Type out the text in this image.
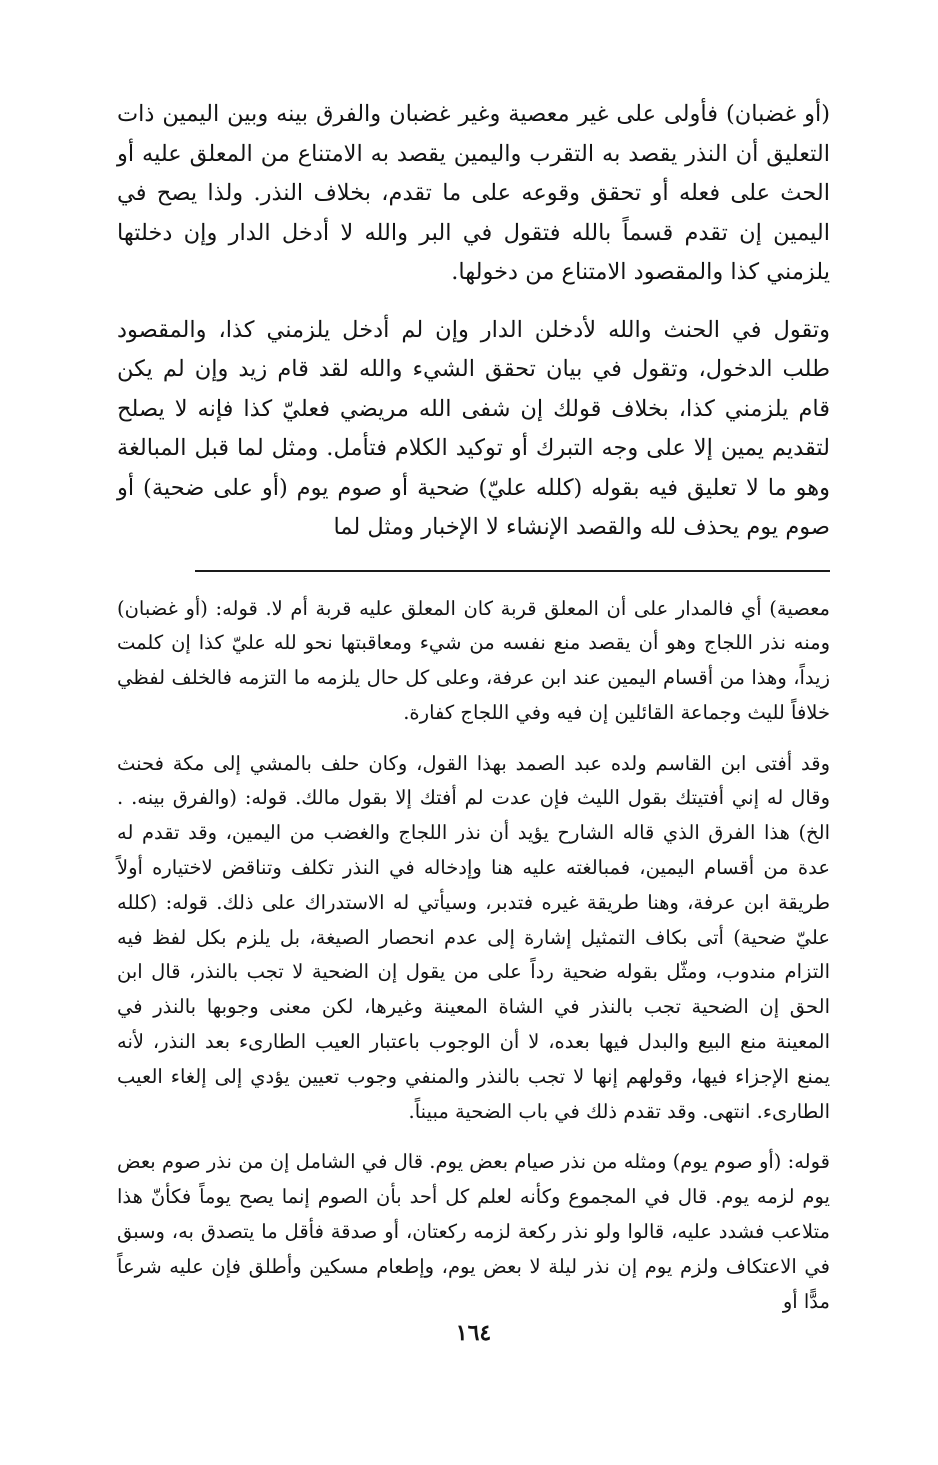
(أو غضبان) فأولى على غير معصية وغير غضبان والفرق بينه وبين اليمين ذات التعليق أن النذر يقصد به التقرب واليمين يقصد به الامتناع من المعلق عليه أو الحث على فعله أو تحقق وقوعه على ما تقدم، بخلاف النذر. ولذا يصح في اليمين إن تقدم قسماً بالله فتقول في البر والله لا أدخل الدار وإن دخلتها يلزمني كذا والمقصود الامتناع من دخولها.

وتقول في الحنث والله لأدخلن الدار وإن لم أدخل يلزمني كذا، والمقصود طلب الدخول، وتقول في بيان تحقق الشيء والله لقد قام زيد وإن لم يكن قام يلزمني كذا، بخلاف قولك إن شفى الله مريضي فعليّ كذا فإنه لا يصلح لتقديم يمين إلا على وجه التبرك أو توكيد الكلام فتأمل. ومثل لما قبل المبالغة وهو ما لا تعليق فيه بقوله (كلله عليّ) ضحية أو صوم يوم (أو على ضحية) أو صوم يوم يحذف لله والقصد الإنشاء لا الإخبار ومثل لما

معصية) أي فالمدار على أن المعلق قربة كان المعلق عليه قربة أم لا. قوله: (أو غضبان) ومنه نذر اللجاج وهو أن يقصد منع نفسه من شيء ومعاقبتها نحو لله عليّ كذا إن كلمت زيداً، وهذا من أقسام اليمين عند ابن عرفة، وعلى كل حال يلزمه ما التزمه فالخلف لفظي خلافاً لليث وجماعة القائلين إن فيه وفي اللجاج كفارة.

وقد أفتى ابن القاسم ولده عبد الصمد بهذا القول، وكان حلف بالمشي إلى مكة فحنث وقال له إني أفتيتك بقول الليث فإن عدت لم أفتك إلا بقول مالك. قوله: (والفرق بينه. . الخ) هذا الفرق الذي قاله الشارح يؤيد أن نذر اللجاج والغضب من اليمين، وقد تقدم له عدة من أقسام اليمين، فمبالغته عليه هنا وإدخاله في النذر تكلف وتناقض لاختياره أولاً طريقة ابن عرفة، وهنا طريقة غيره فتدبر، وسيأتي له الاستدراك على ذلك. قوله: (كلله عليّ ضحية) أتى بكاف التمثيل إشارة إلى عدم انحصار الصيغة، بل يلزم بكل لفظ فيه التزام مندوب، ومثّل بقوله ضحية رداً على من يقول إن الضحية لا تجب بالنذر، قال ابن الحق إن الضحية تجب بالنذر في الشاة المعينة وغيرها، لكن معنى وجوبها بالنذر في المعينة منع البيع والبدل فيها بعده، لا أن الوجوب باعتبار العيب الطارىء بعد النذر، لأنه يمنع الإجزاء فيها، وقولهم إنها لا تجب بالنذر والمنفي وجوب تعيين يؤدي إلى إلغاء العيب الطارىء. انتهى. وقد تقدم ذلك في باب الضحية مبيناً.

قوله: (أو صوم يوم) ومثله من نذر صيام بعض يوم. قال في الشامل إن من نذر صوم بعض يوم لزمه يوم. قال في المجموع وكأنه لعلم كل أحد بأن الصوم إنما يصح يوماً فكأنّ هذا متلاعب فشدد عليه، قالوا ولو نذر ركعة لزمه ركعتان، أو صدقة فأقل ما يتصدق به، وسبق في الاعتكاف ولزم يوم إن نذر ليلة لا بعض يوم، وإطعام مسكين وأطلق فإن عليه شرعاً مدًّا أو

١٦٤
